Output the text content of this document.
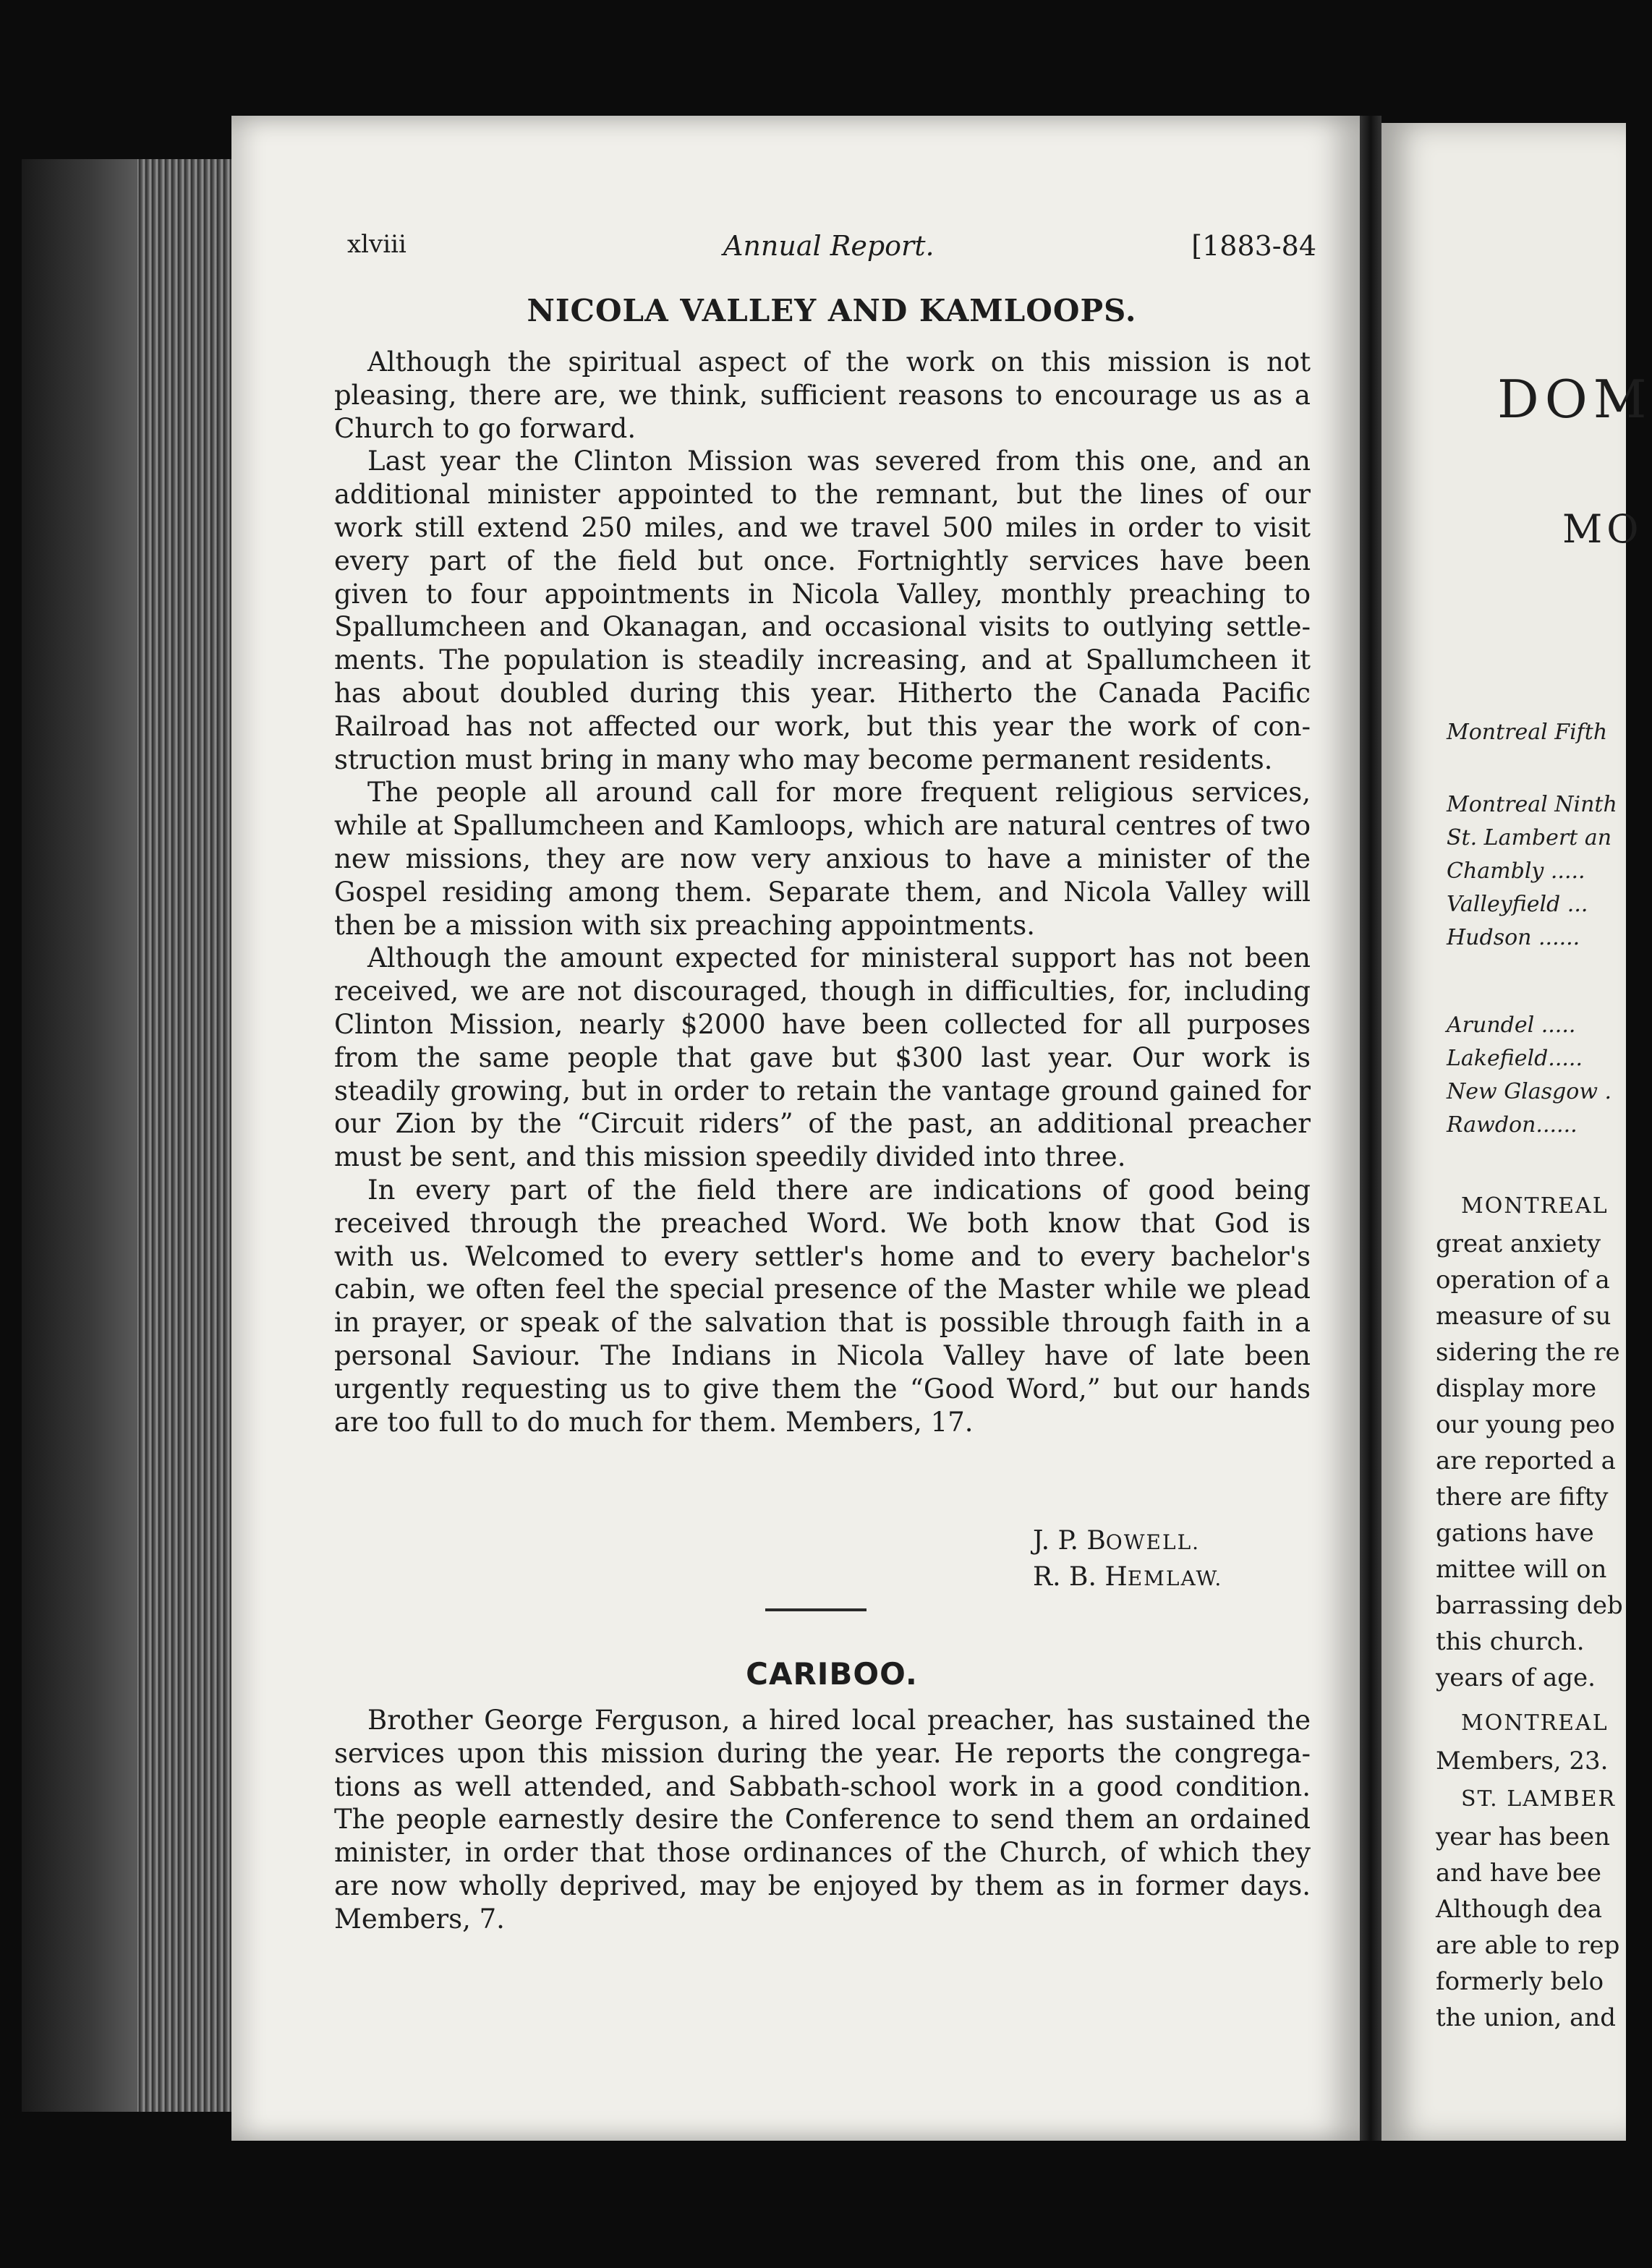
DOM
MO
Montreal Fifth
Montreal Ninth
St. Lambert an
Chambly .....
Valleyfield ...
Hudson ......
Arundel .....
Lakefield.....
New Glasgow .
Rawdon......
MONTREAL
great anxiety
operation of a
measure of su
sidering the re
display more
our young peo
are reported a
there are fifty
gations have
mittee will on
barrassing deb
this church.
years of age.
MONTREAL
Members, 23.
ST. LAMBER
year has been
and have bee
Although dea
are able to rep
formerly belo
the union, and
xlviii	Annual Report.	[1883-84
NICOLA VALLEY AND KAMLOOPS.
Although the spiritual aspect of the work on this mission is not
pleasing, there are, we think, sufficient reasons to encourage us as a
Church to go forward.
Last year the Clinton Mission was severed from this one, and an
additional minister appointed to the remnant, but the lines of our
work still extend 250 miles, and we travel 500 miles in order to visit
every part of the field but once. Fortnightly services have been
given to four appointments in Nicola Valley, monthly preaching to
Spallumcheen and Okanagan, and occasional visits to outlying settle-
ments. The population is steadily increasing, and at Spallumcheen it
has about doubled during this year. Hitherto the Canada Pacific
Railroad has not affected our work, but this year the work of con-
struction must bring in many who may become permanent residents.
The people all around call for more frequent religious services,
while at Spallumcheen and Kamloops, which are natural centres of two
new missions, they are now very anxious to have a minister of the
Gospel residing among them. Separate them, and Nicola Valley will
then be a mission with six preaching appointments.
Although the amount expected for ministeral support has not been
received, we are not discouraged, though in difficulties, for, including
Clinton Mission, nearly $2000 have been collected for all purposes
from the same people that gave but $300 last year. Our work is
steadily growing, but in order to retain the vantage ground gained for
our Zion by the “Circuit riders” of the past, an additional preacher
must be sent, and this mission speedily divided into three.
In every part of the field there are indications of good being
received through the preached Word. We both know that God is
with us. Welcomed to every settler's home and to every bachelor's
cabin, we often feel the special presence of the Master while we plead
in prayer, or speak of the salvation that is possible through faith in a
personal Saviour. The Indians in Nicola Valley have of late been
urgently requesting us to give them the “Good Word,” but our hands
are too full to do much for them. Members, 17.
J. P. BOWELL.
R. B. HEMLAW.
CARIBOO.
Brother George Ferguson, a hired local preacher, has sustained the
services upon this mission during the year. He reports the congrega-
tions as well attended, and Sabbath-school work in a good condition.
The people earnestly desire the Conference to send them an ordained
minister, in order that those ordinances of the Church, of which they
are now wholly deprived, may be enjoyed by them as in former days.
Members, 7.
